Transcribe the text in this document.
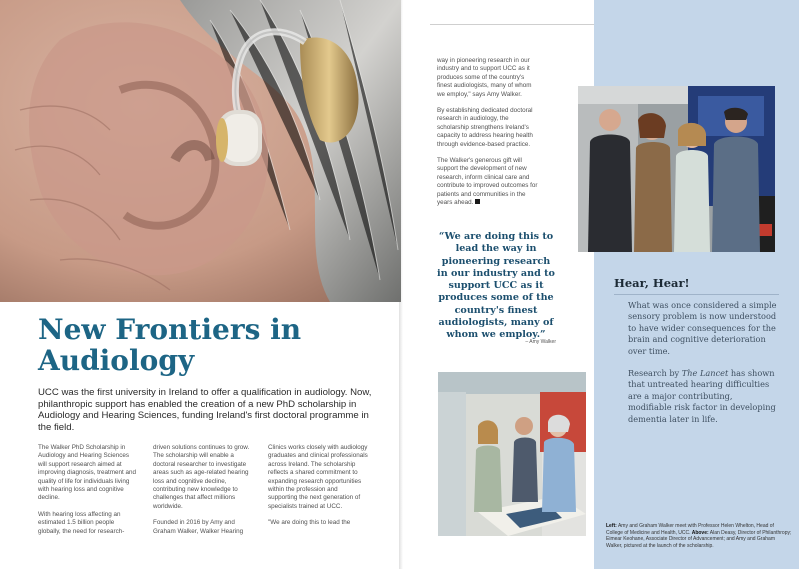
New Frontiers in Audiology
UCC was the first university in Ireland to offer a qualification in audiology. Now, philanthropic support has enabled the creation of a new PhD scholarship in Audiology and Hearing Sciences, funding Ireland's first doctoral programme in the field.

The Walker PhD Scholarship in Audiology and Hearing Sciences will support research aimed at improving diagnosis, treatment and quality of life for individuals living with hearing loss and cognitive decline.

With hearing loss affecting an estimated 1.5 billion people globally, the need for research-

driven solutions continues to grow. The scholarship will enable a doctoral researcher to investigate areas such as age-related hearing loss and cognitive decline, contributing new knowledge to challenges that affect millions worldwide.

Founded in 2016 by Amy and Graham Walker, Walker Hearing

Clinics works closely with audiology graduates and clinical professionals across Ireland. The scholarship reflects a shared commitment to expanding research opportunities within the profession and supporting the next generation of specialists trained at UCC.

"We are doing this to lead the

way in pioneering research in our industry and to support UCC as it produces some of the country's finest audiologists, many of whom we employ," says Amy Walker.

By establishing dedicated doctoral research in audiology, the scholarship strengthens Ireland's capacity to address hearing health through evidence-based practice.

The Walker's generous gift will support the development of new research, inform clinical care and contribute to improved outcomes for patients and communities in the years ahead.

“We are doing this to lead the way in pioneering research in our industry and to support UCC as it produces some of the country's finest audiologists, many of whom we employ.”
– Amy Walker
Hear, Hear!

What was once considered a simple sensory problem is now understood to have wider consequences for the brain and cognitive deterioration over time.

Research by The Lancet has shown that untreated hearing difficulties are a major contributing, modifiable risk factor in developing dementia later in life.

Left: Amy and Graham Walker meet with Professor Helen Whelton, Head of College of Medicine and Health, UCC. Above: Alan Deasy, Director of Philanthropy; Eimear Keohane, Associate Director of Advancement; and Amy and Graham Walker, pictured at the launch of the scholarship.
